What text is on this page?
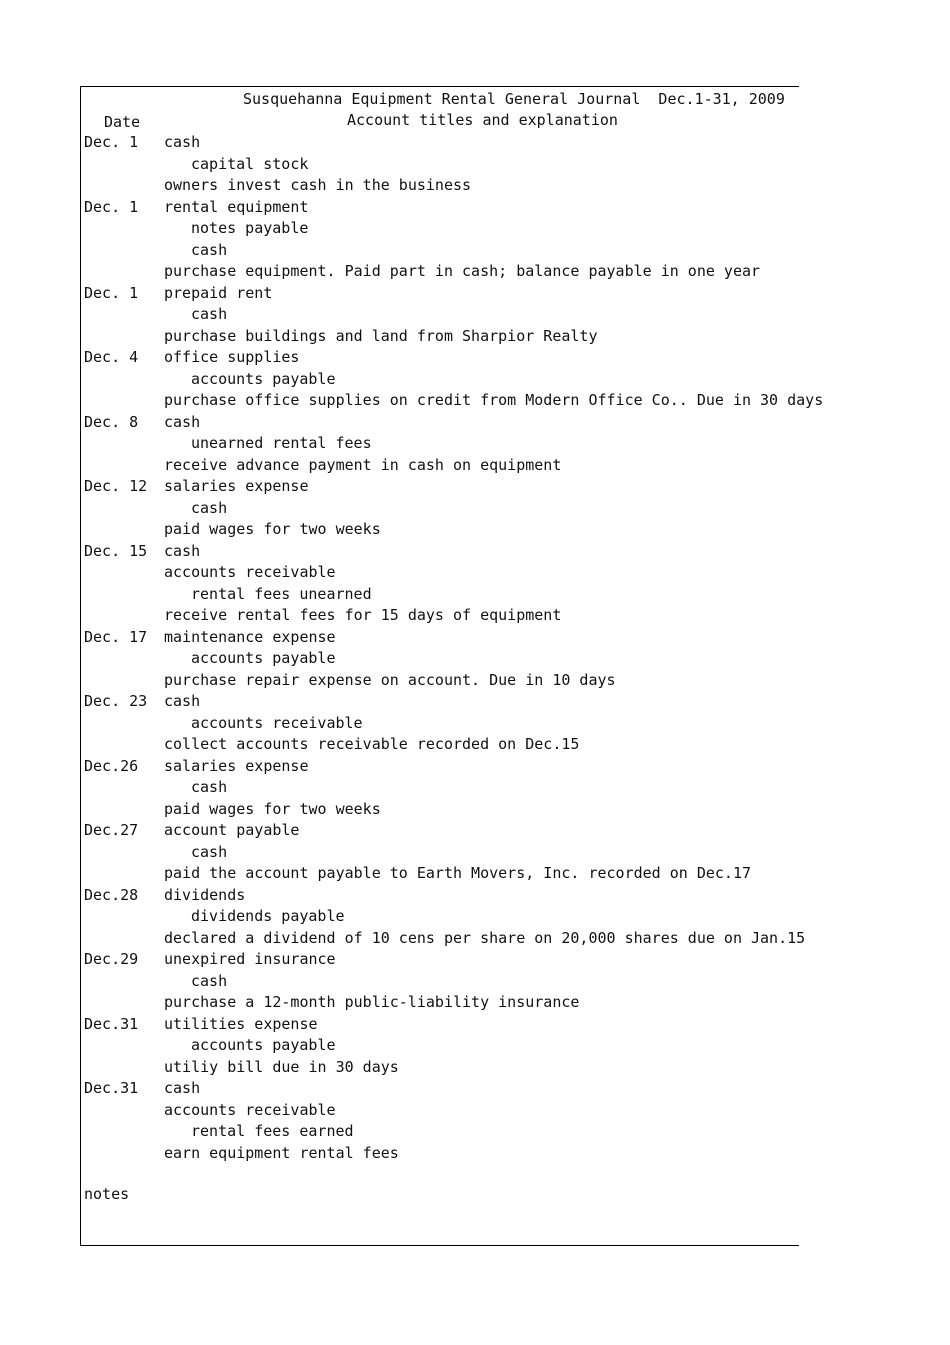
Susquehanna Equipment Rental General Journal  Dec.1-31, 2009
Date	Account titles and explanation
Dec. 1	cash
capital stock
owners invest cash in the business
Dec. 1	rental equipment
notes payable
cash
purchase equipment. Paid part in cash; balance payable in one year
Dec. 1	prepaid rent
cash
purchase buildings and land from Sharpior Realty
Dec. 4	office supplies
accounts payable
purchase office supplies on credit from Modern Office Co.. Due in 30 days
Dec. 8	cash
unearned rental fees
receive advance payment in cash on equipment
Dec. 12	salaries expense
cash
paid wages for two weeks
Dec. 15	cash
accounts receivable
rental fees unearned
receive rental fees for 15 days of equipment
Dec. 17	maintenance expense
accounts payable
purchase repair expense on account. Due in 10 days
Dec. 23	cash
accounts receivable
collect accounts receivable recorded on Dec.15
Dec.26	salaries expense
cash
paid wages for two weeks
Dec.27	account payable
cash
paid the account payable to Earth Movers, Inc. recorded on Dec.17
Dec.28	dividends
dividends payable
declared a dividend of 10 cens per share on 20,000 shares due on Jan.15
Dec.29	unexpired insurance
cash
purchase a 12-month public-liability insurance
Dec.31	utilities expense
accounts payable
utiliy bill due in 30 days
Dec.31	cash
accounts receivable
rental fees earned
earn equipment rental fees
notes
